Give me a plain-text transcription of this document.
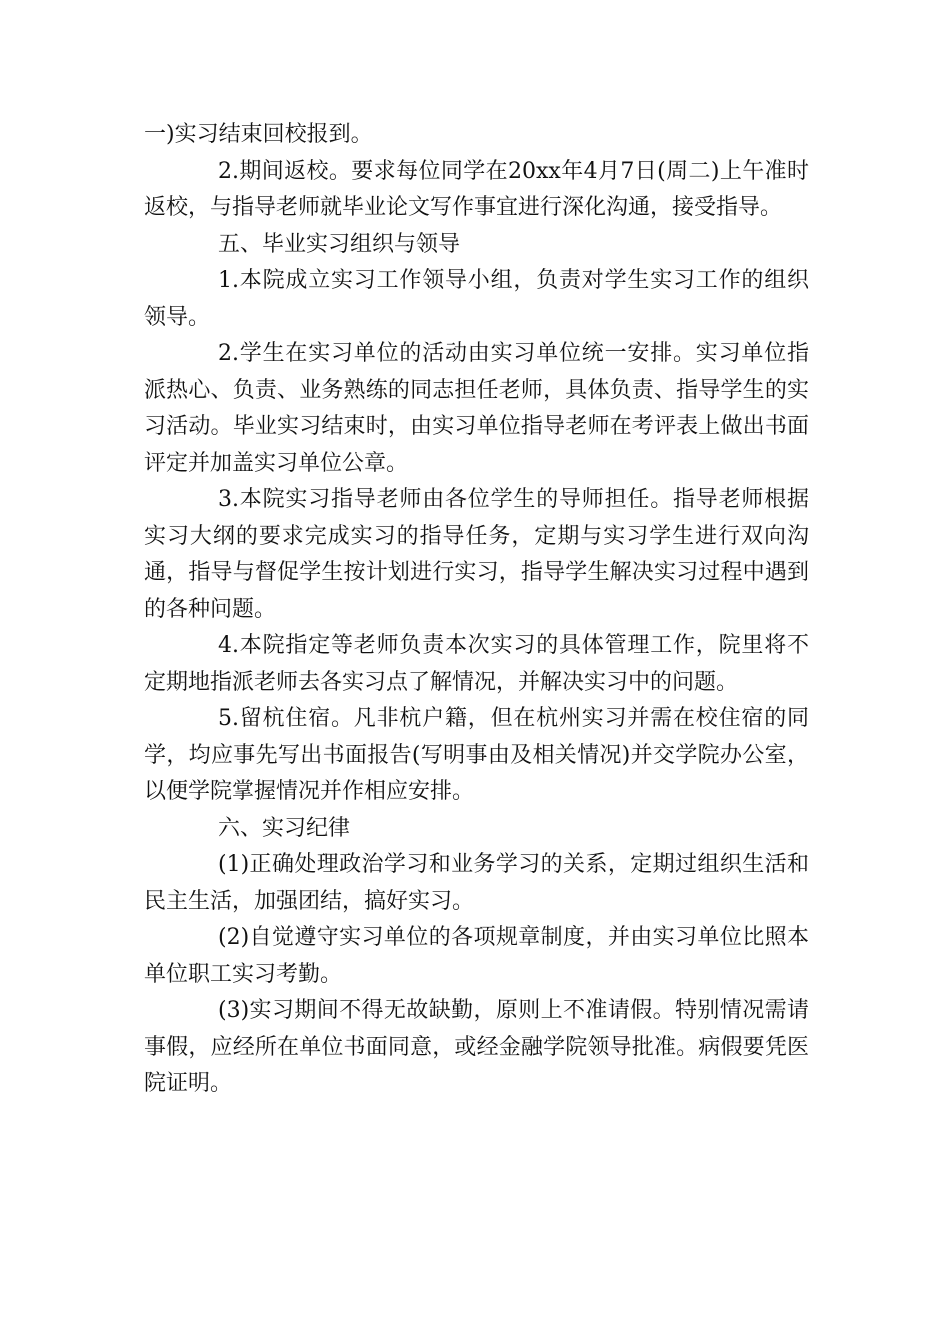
一)实习结束回校报到。

2.期间返校。要求每位同学在20xx年4月7日(周二)上午准时返校，与指导老师就毕业论文写作事宜进行深化沟通，接受指导。

五、毕业实习组织与领导

1.本院成立实习工作领导小组，负责对学生实习工作的组织领导。

2.学生在实习单位的活动由实习单位统一安排。实习单位指派热心、负责、业务熟练的同志担任老师，具体负责、指导学生的实习活动。毕业实习结束时，由实习单位指导老师在考评表上做出书面评定并加盖实习单位公章。

3.本院实习指导老师由各位学生的导师担任。指导老师根据实习大纲的要求完成实习的指导任务，定期与实习学生进行双向沟通，指导与督促学生按计划进行实习，指导学生解决实习过程中遇到的各种问题。

4.本院指定等老师负责本次实习的具体管理工作，院里将不定期地指派老师去各实习点了解情况，并解决实习中的问题。

5.留杭住宿。凡非杭户籍，但在杭州实习并需在校住宿的同学，均应事先写出书面报告(写明事由及相关情况)并交学院办公室，以便学院掌握情况并作相应安排。

六、实习纪律

(1)正确处理政治学习和业务学习的关系，定期过组织生活和民主生活，加强团结，搞好实习。

(2)自觉遵守实习单位的各项规章制度，并由实习单位比照本单位职工实习考勤。

(3)实习期间不得无故缺勤，原则上不准请假。特别情况需请事假，应经所在单位书面同意，或经金融学院领导批准。病假要凭医院证明。
